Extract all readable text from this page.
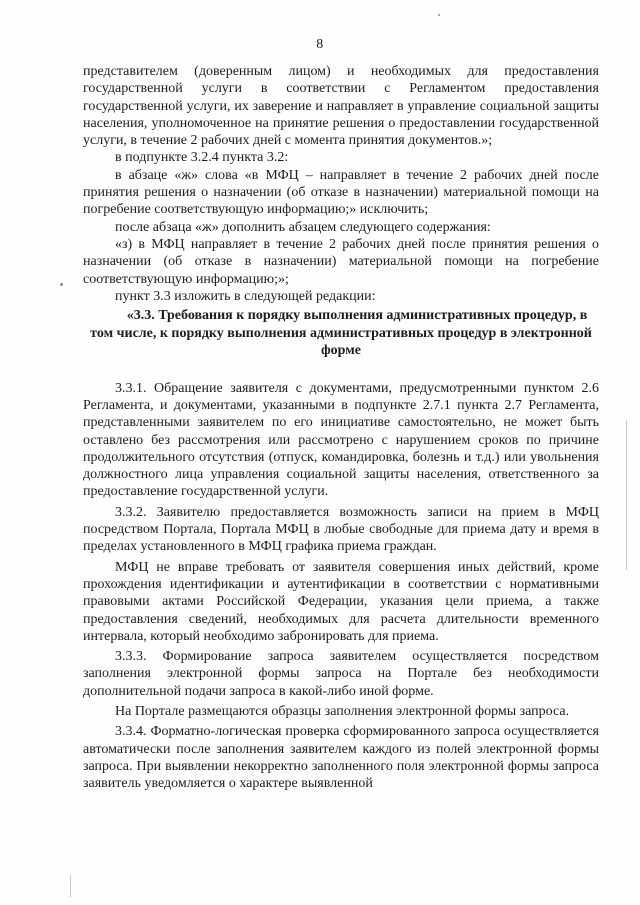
8

представителем (доверенным лицом) и необходимых для предоставления государственной услуги в соответствии с Регламентом предоставления государственной услуги, их заверение и направляет в управление социальной защиты населения, уполномоченное на принятие решения о предоставлении государственной услуги, в течение 2 рабочих дней с момента принятия документов.»;

в подпункте 3.2.4 пункта 3.2:

в абзаце «ж» слова «в МФЦ – направляет в течение 2 рабочих дней после принятия решения о назначении (об отказе в назначении) материальной помощи на погребение соответствующую информацию;» исключить;

после абзаца «ж» дополнить абзацем следующего содержания:

«з) в МФЦ направляет в течение 2 рабочих дней после принятия решения о назначении (об отказе в назначении) материальной помощи на погребение соответствующую информацию;»;

пункт 3.3 изложить в следующей редакции:

«3.3. Требования к порядку выполнения административных процедур, в том числе, к порядку выполнения административных процедур в электронной форме

3.3.1. Обращение заявителя с документами, предусмотренными пунктом 2.6 Регламента, и документами, указанными в подпункте 2.7.1 пункта 2.7 Регламента, представленными заявителем по его инициативе самостоятельно, не может быть оставлено без рассмотрения или рассмотрено с нарушением сроков по причине продолжительного отсутствия (отпуск, командировка, болезнь и т.д.) или увольнения должностного лица управления социальной защиты населения, ответственного за предоставление государственной услуги.

3.3.2. Заявителю предоставляется возможность записи на прием в МФЦ посредством Портала, Портала МФЦ в любые свободные для приема дату и время в пределах установленного в МФЦ графика приема граждан.

МФЦ не вправе требовать от заявителя совершения иных действий, кроме прохождения идентификации и аутентификации в соответствии с нормативными правовыми актами Российской Федерации, указания цели приема, а также предоставления сведений, необходимых для расчета длительности временного интервала, который необходимо забронировать для приема.

3.3.3. Формирование запроса заявителем осуществляется посредством заполнения электронной формы запроса на Портале без необходимости дополнительной подачи запроса в какой-либо иной форме.

На Портале размещаются образцы заполнения электронной формы запроса.

3.3.4. Форматно-логическая проверка сформированного запроса осуществляется автоматически после заполнения заявителем каждого из полей электронной формы запроса. При выявлении некорректно заполненного поля электронной формы запроса заявитель уведомляется о характере выявленной
